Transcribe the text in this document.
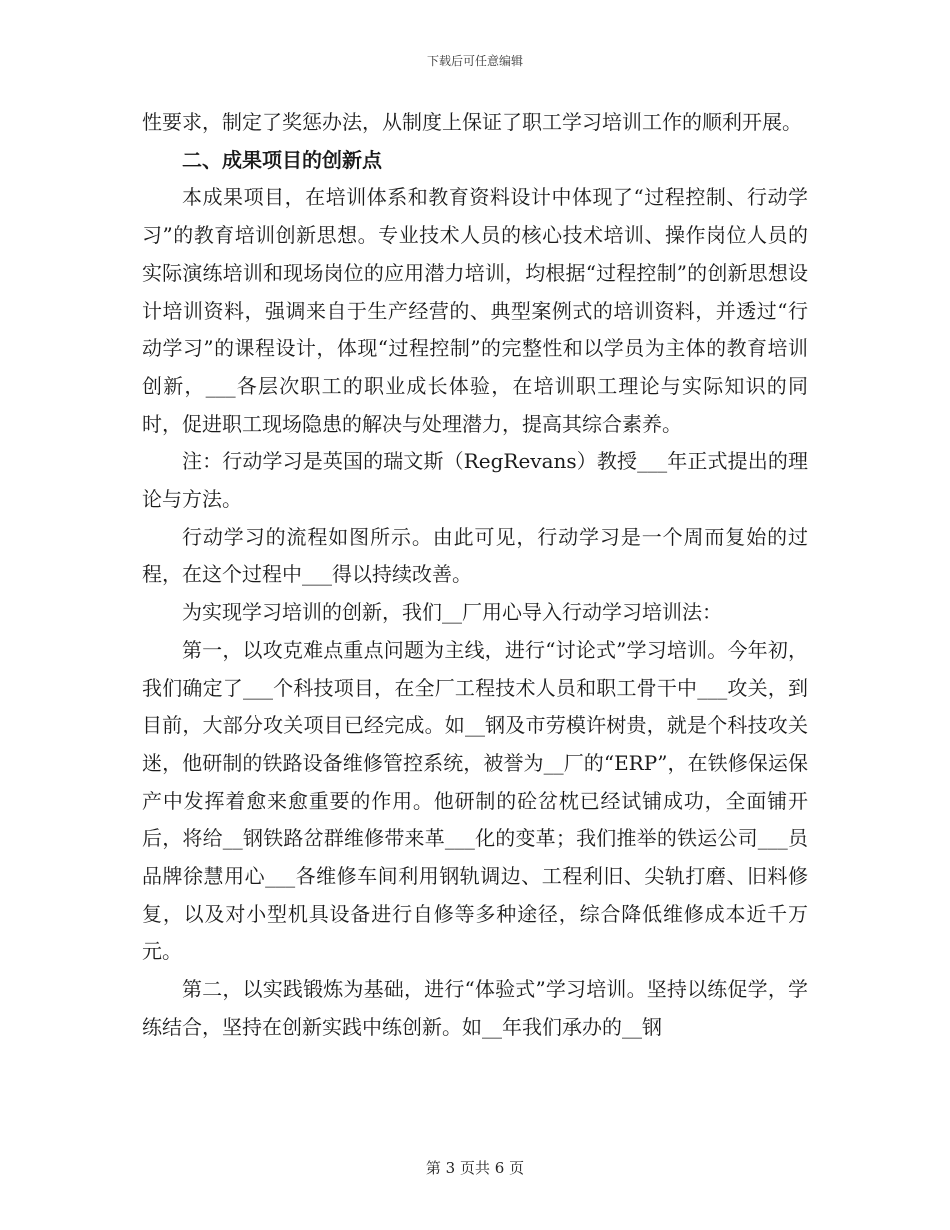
下载后可任意编辑

性要求，制定了奖惩办法，从制度上保证了职工学习培训工作的顺利开展。

二、成果项目的创新点

本成果项目，在培训体系和教育资料设计中体现了“过程控制、行动学习”的教育培训创新思想。专业技术人员的核心技术培训、操作岗位人员的实际演练培训和现场岗位的应用潜力培训，均根据“过程控制”的创新思想设计培训资料，强调来自于生产经营的、典型案例式的培训资料，并透过“行动学习”的课程设计，体现“过程控制”的完整性和以学员为主体的教育培训创新，___各层次职工的职业成长体验，在培训职工理论与实际知识的同时，促进职工现场隐患的解决与处理潜力，提高其综合素养。

注：行动学习是英国的瑞文斯（RegRevans）教授___年正式提出的理论与方法。

行动学习的流程如图所示。由此可见，行动学习是一个周而复始的过程，在这个过程中___得以持续改善。

为实现学习培训的创新，我们__厂用心导入行动学习培训法：

第一，以攻克难点重点问题为主线，进行“讨论式”学习培训。今年初，我们确定了___个科技项目，在全厂工程技术人员和职工骨干中___攻关，到目前，大部分攻关项目已经完成。如__钢及市劳模许树贵，就是个科技攻关迷，他研制的铁路设备维修管控系统，被誉为__厂的“ERP”，在铁修保运保产中发挥着愈来愈重要的作用。他研制的砼岔枕已经试铺成功，全面铺开后，将给__钢铁路岔群维修带来革___化的变革；我们推举的铁运公司___员品牌徐慧用心___各维修车间利用钢轨调边、工程利旧、尖轨打磨、旧料修复，以及对小型机具设备进行自修等多种途径，综合降低维修成本近千万元。

第二，以实践锻炼为基础，进行“体验式”学习培训。坚持以练促学，学练结合，坚持在创新实践中练创新。如__年我们承办的__钢

第 3 页共 6 页
